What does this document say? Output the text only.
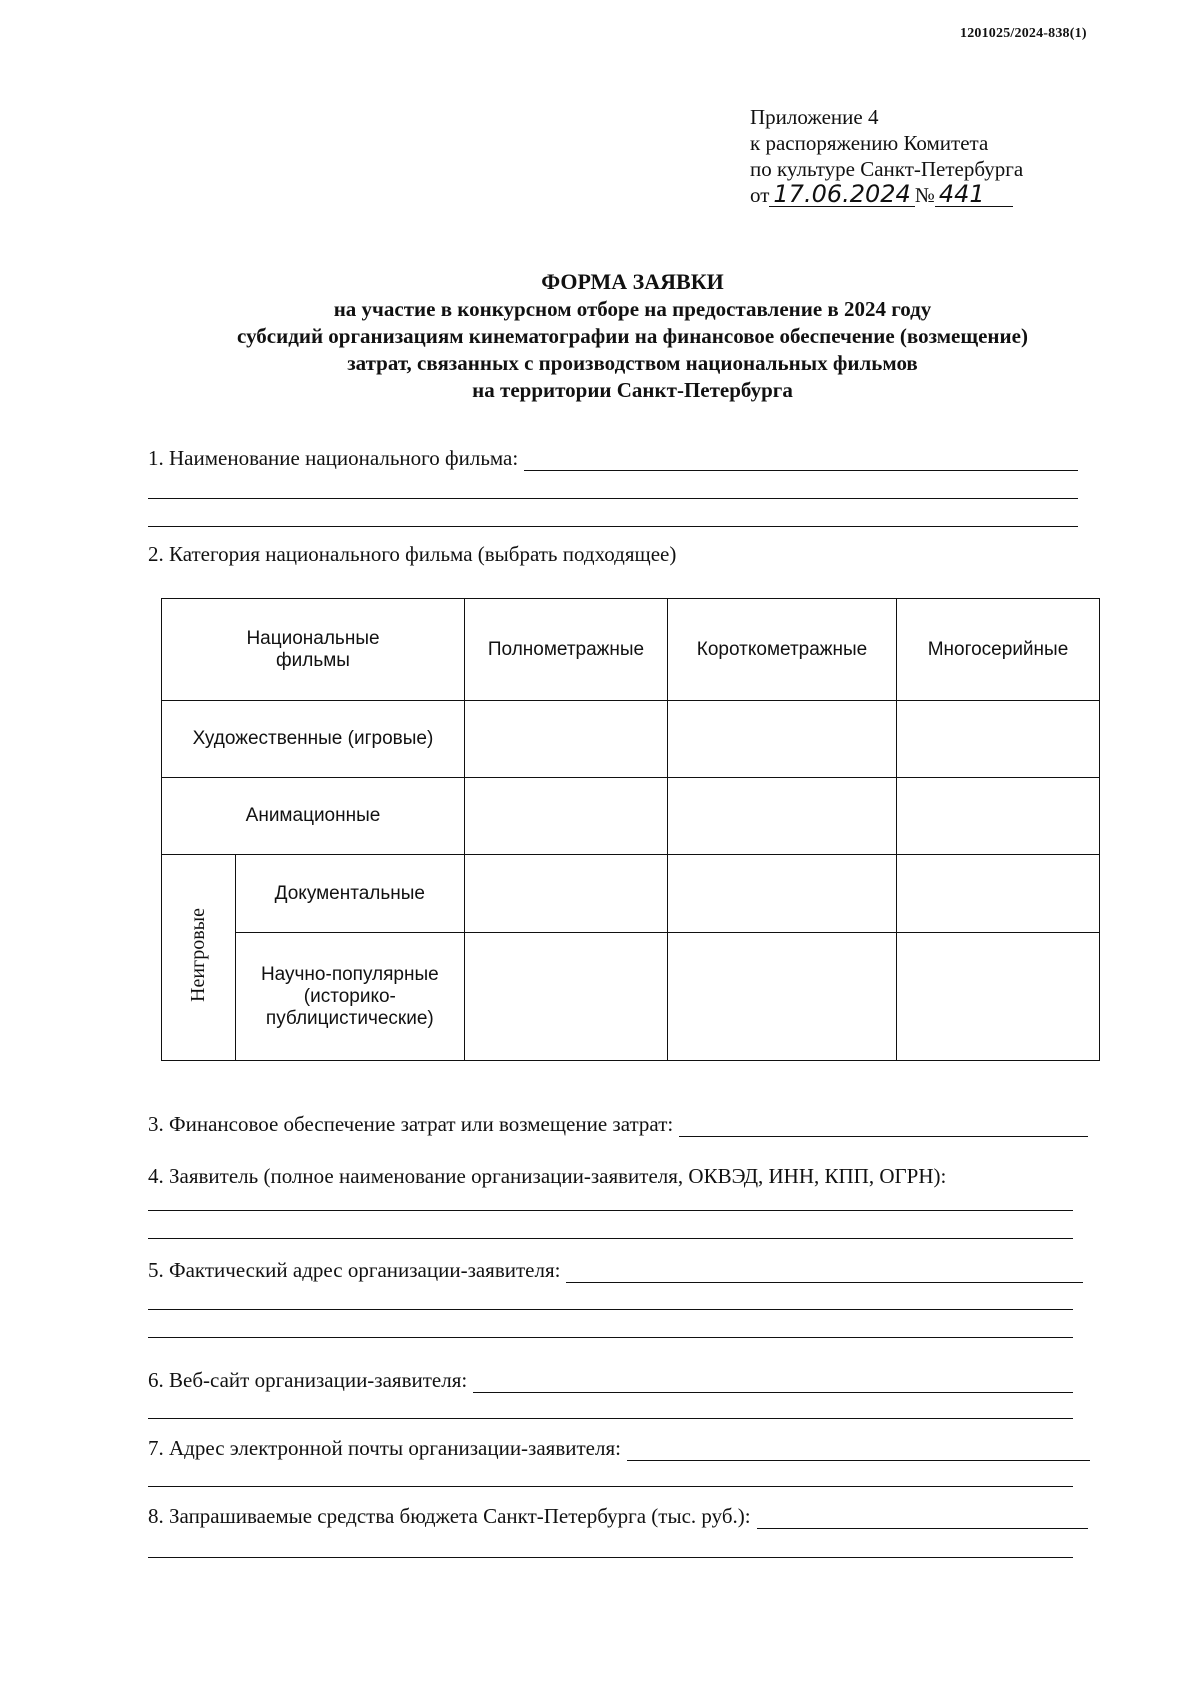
1201025/2024-838(1)
Приложение 4
к распоряжению Комитета
по культуре Санкт-Петербурга
от 17.06.2024 № 441
ФОРМА ЗАЯВКИ
на участие в конкурсном отборе на предоставление в 2024 году
субсидий организациям кинематографии на финансовое обеспечение (возмещение)
затрат, связанных с производством национальных фильмов
на территории Санкт-Петербурга
1. Наименование национального фильма:
2. Категория национального фильма (выбрать подходящее)
Национальные
фильмы		Полнометражные	Короткометражные	Многосерийные
Художественные (игровые)				
Анимационные				
Неигровые	Документальные			

	Научно-популярные
(историко-
публицистические)			

3. Финансовое обеспечение затрат или возмещение затрат:
4. Заявитель (полное наименование организации-заявителя, ОКВЭД, ИНН, КПП, ОГРН):
5. Фактический адрес организации-заявителя:
6. Веб-сайт организации-заявителя:
7. Адрес электронной почты организации-заявителя:
8. Запрашиваемые средства бюджета Санкт-Петербурга (тыс. руб.):
